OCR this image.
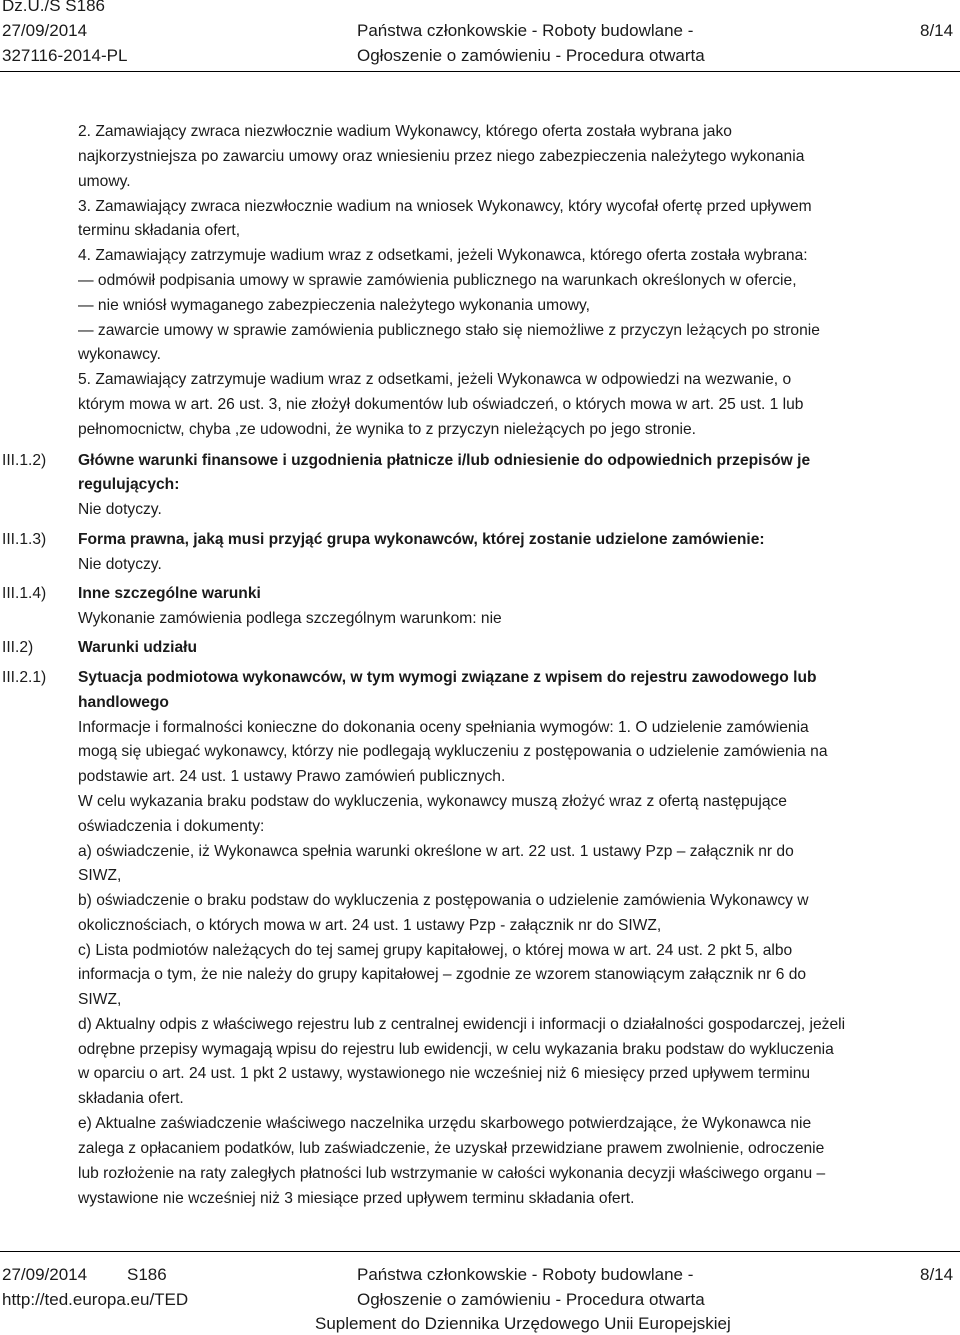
Dz.U./S S186
27/09/2014
327116-2014-PL
Państwa członkowskie - Roboty budowlane -
Ogłoszenie o zamówieniu - Procedura otwarta
8/14
III.1.2)
III.1.3)
III.1.4)
III.2)
III.2.1)
2. Zamawiający zwraca niezwłocznie wadium Wykonawcy, którego oferta została wybrana jako
najkorzystniejsza po zawarciu umowy oraz wniesieniu przez niego zabezpieczenia należytego wykonania
umowy.
3. Zamawiający zwraca niezwłocznie wadium na wniosek Wykonawcy, który wycofał ofertę przed upływem
terminu składania ofert,
4. Zamawiający zatrzymuje wadium wraz z odsetkami, jeżeli Wykonawca, którego oferta została wybrana:
— odmówił podpisania umowy w sprawie zamówienia publicznego na warunkach określonych w ofercie,
— nie wniósł wymaganego zabezpieczenia należytego wykonania umowy,
— zawarcie umowy w sprawie zamówienia publicznego stało się niemożliwe z przyczyn leżących po stronie
wykonawcy.
5. Zamawiający zatrzymuje wadium wraz z odsetkami, jeżeli Wykonawca w odpowiedzi na wezwanie, o
którym mowa w art. 26 ust. 3, nie złożył dokumentów lub oświadczeń, o których mowa w art. 25 ust. 1 lub
pełnomocnictw, chyba ,ze udowodni, że wynika to z przyczyn nieleżących po jego stronie.
Główne warunki finansowe i uzgodnienia płatnicze i/lub odniesienie do odpowiednich przepisów je
regulujących:
Nie dotyczy.
Forma prawna, jaką musi przyjąć grupa wykonawców, której zostanie udzielone zamówienie:
Nie dotyczy.
Inne szczególne warunki
Wykonanie zamówienia podlega szczególnym warunkom: nie
Warunki udziału
Sytuacja podmiotowa wykonawców, w tym wymogi związane z wpisem do rejestru zawodowego lub
handlowego
Informacje i formalności konieczne do dokonania oceny spełniania wymogów: 1. O udzielenie zamówienia
mogą się ubiegać wykonawcy, którzy nie podlegają wykluczeniu z postępowania o udzielenie zamówienia na
podstawie art. 24 ust. 1 ustawy Prawo zamówień publicznych.
W celu wykazania braku podstaw do wykluczenia, wykonawcy muszą złożyć wraz z ofertą następujące
oświadczenia i dokumenty:
a) oświadczenie, iż Wykonawca spełnia warunki określone w art. 22 ust. 1 ustawy Pzp – załącznik nr do
SIWZ,
b) oświadczenie o braku podstaw do wykluczenia z postępowania o udzielenie zamówienia Wykonawcy w
okolicznościach, o których mowa w art. 24 ust. 1 ustawy Pzp - załącznik nr do SIWZ,
c) Lista podmiotów należących do tej samej grupy kapitałowej, o której mowa w art. 24 ust. 2 pkt 5, albo
informacja o tym, że nie należy do grupy kapitałowej – zgodnie ze wzorem stanowiącym załącznik nr 6 do
SIWZ,
d) Aktualny odpis z właściwego rejestru lub z centralnej ewidencji i informacji o działalności gospodarczej, jeżeli
odrębne przepisy wymagają wpisu do rejestru lub ewidencji, w celu wykazania braku podstaw do wykluczenia
w oparciu o art. 24 ust. 1 pkt 2 ustawy, wystawionego nie wcześniej niż 6 miesięcy przed upływem terminu
składania ofert.
e) Aktualne zaświadczenie właściwego naczelnika urzędu skarbowego potwierdzające, że Wykonawca nie
zalega z opłacaniem podatków, lub zaświadczenie, że uzyskał przewidziane prawem zwolnienie, odroczenie
lub rozłożenie na raty zaległych płatności lub wstrzymanie w całości wykonania decyzji właściwego organu –
wystawione nie wcześniej niż 3 miesiące przed upływem terminu składania ofert.
27/09/2014 S186
http://ted.europa.eu/TED
Państwa członkowskie - Roboty budowlane -
Ogłoszenie o zamówieniu - Procedura otwarta
Suplement do Dziennika Urzędowego Unii Europejskiej
8/14
